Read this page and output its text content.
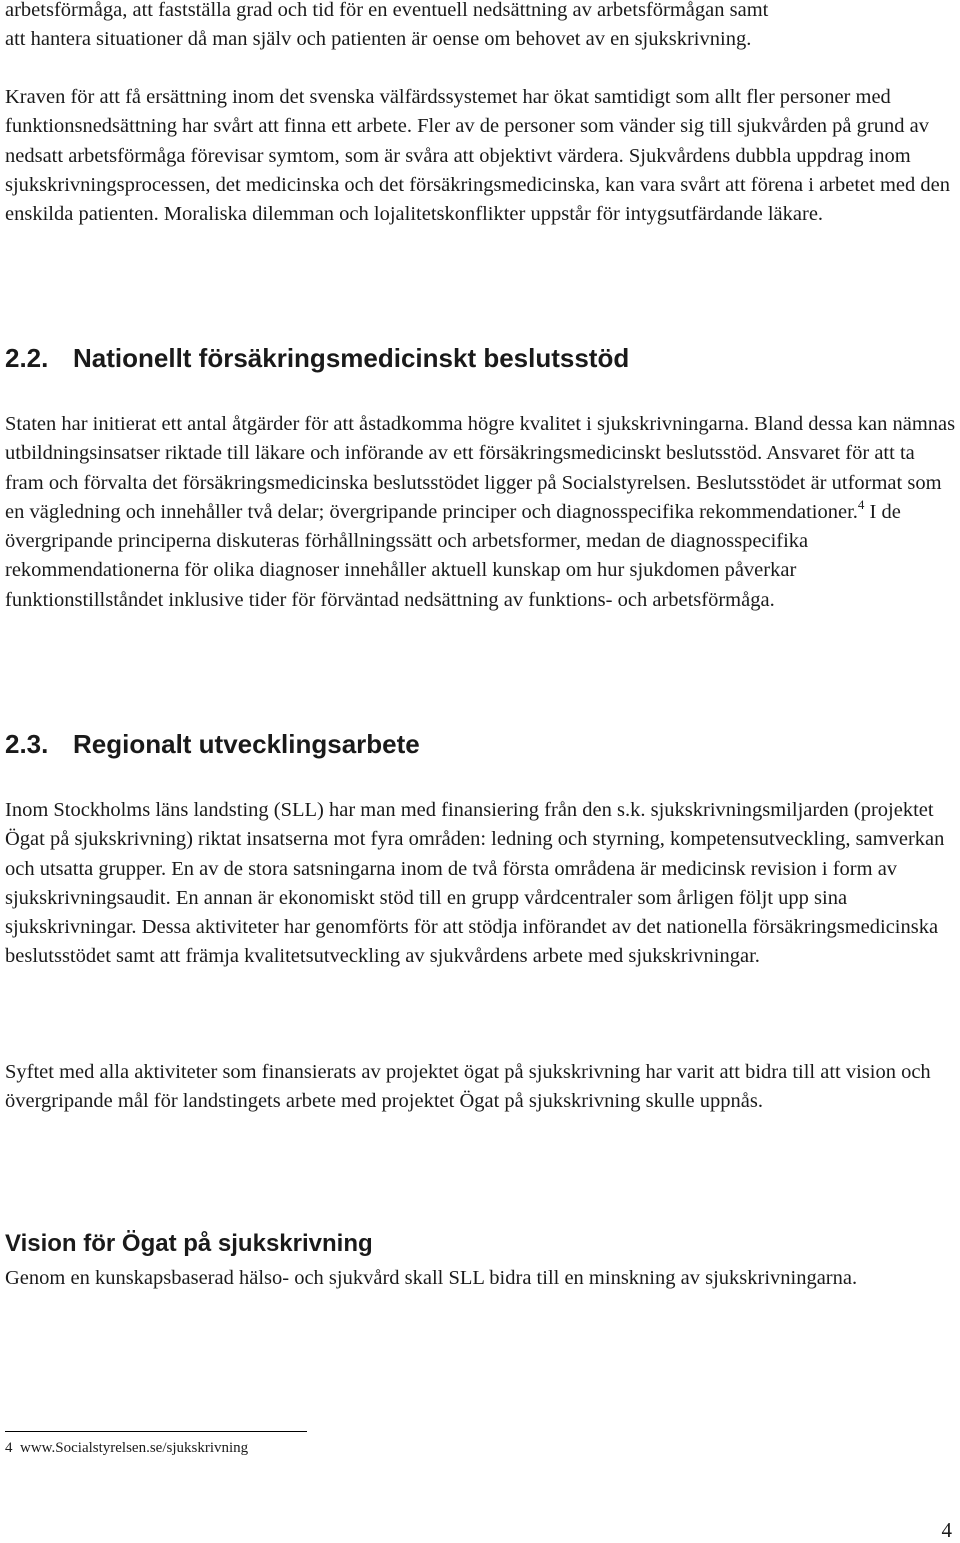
arbetsförmåga, att fastställa grad och tid för en eventuell nedsättning av arbetsförmågan samt
att hantera situationer då man själv och patienten är oense om behovet av en sjukskrivning.

Kraven för att få ersättning inom det svenska välfärdssystemet har ökat samtidigt som allt fler personer med funktionsnedsättning har svårt att finna ett arbete. Fler av de personer som vänder sig till sjukvården på grund av nedsatt arbetsförmåga förevisar symtom, som är svåra att objektivt värdera. Sjukvårdens dubbla uppdrag inom sjukskrivningsprocessen, det medicinska och det försäkringsmedicinska, kan vara svårt att förena i arbetet med den enskilda patienten. Moraliska dilemman och lojalitetskonflikter uppstår för intygsutfärdande läkare.

2.2. Nationellt försäkringsmedicinskt beslutsstöd

Staten har initierat ett antal åtgärder för att åstadkomma högre kvalitet i sjukskrivningarna. Bland dessa kan nämnas utbildningsinsatser riktade till läkare och införande av ett försäkringsmedicinskt beslutsstöd. Ansvaret för att ta fram och förvalta det försäkringsmedicinska beslutsstödet ligger på Socialstyrelsen. Beslutsstödet är utformat som en vägledning och innehåller två delar; övergripande principer och diagnosspecifika rekommendationer.$^4$ I de övergripande principerna diskuteras förhållningssätt och arbetsformer, medan de diagnosspecifika rekommendationerna för olika diagnoser innehåller aktuell kunskap om hur sjukdomen påverkar funktionstillståndet inklusive tider för förväntad nedsättning av funktions- och arbetsförmåga.

2.3. Regionalt utvecklingsarbete

Inom Stockholms läns landsting (SLL) har man med finansiering från den s.k. sjukskrivningsmiljarden (projektet Ögat på sjukskrivning) riktat insatserna mot fyra områden: ledning och styrning, kompetensutveckling, samverkan och utsatta grupper. En av de stora satsningarna inom de två första områdena är medicinsk revision i form av sjukskrivningsaudit. En annan är ekonomiskt stöd till en grupp vårdcentraler som årligen följt upp sina sjukskrivningar. Dessa aktiviteter har genomförts för att stödja införandet av det nationella försäkringsmedicinska beslutsstödet samt att främja kvalitetsutveckling av sjukvårdens arbete med sjukskrivningar.

Syftet med alla aktiviteter som finansierats av projektet ögat på sjukskrivning har varit att bidra till att vision och övergripande mål för landstingets arbete med projektet Ögat på sjukskrivning skulle uppnås.

Vision för Ögat på sjukskrivning

Genom en kunskapsbaserad hälso- och sjukvård skall SLL bidra till en minskning av sjukskrivningarna.

4 www.Socialstyrelsen.se/sjukskrivning
4
